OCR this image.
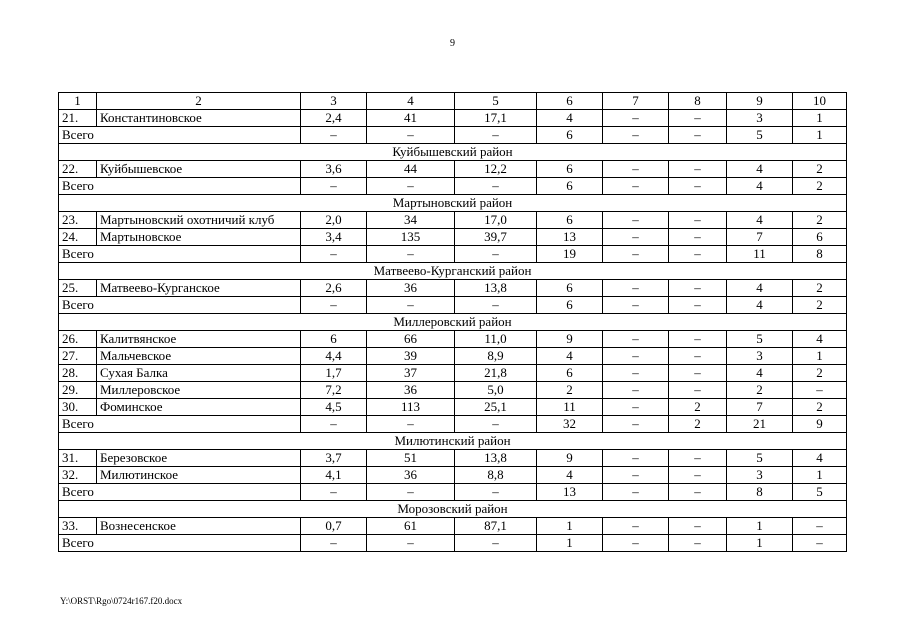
9
1	2	3	4	5	6	7	8	9	10
21.	Константиновское	2,4	41	17,1	4	–	–	3	1
Всего		–	–	–	6	–	–	5	1
Куйбышевский район									
22.	Куйбышевское	3,6	44	12,2	6	–	–	4	2
Всего		–	–	–	6	–	–	4	2
Мартыновский район									
23.	Мартыновский охотничий клуб	2,0	34	17,0	6	–	–	4	2
24.	Мартыновское	3,4	135	39,7	13	–	–	7	6
Всего		–	–	–	19	–	–	11	8
Матвеево-Курганский район									
25.	Матвеево-Курганское	2,6	36	13,8	6	–	–	4	2
Всего		–	–	–	6	–	–	4	2
Миллеровский район									
26.	Калитвянское	6	66	11,0	9	–	–	5	4
27.	Мальчевское	4,4	39	8,9	4	–	–	3	1
28.	Сухая Балка	1,7	37	21,8	6	–	–	4	2
29.	Миллеровское	7,2	36	5,0	2	–	–	2	–
30.	Фоминское	4,5	113	25,1	11	–	2	7	2
Всего		–	–	–	32	–	2	21	9
Милютинский район									
31.	Березовское	3,7	51	13,8	9	–	–	5	4
32.	Милютинское	4,1	36	8,8	4	–	–	3	1
Всего		–	–	–	13	–	–	8	5
Морозовский район									
33.	Вознесенское	0,7	61	87,1	1	–	–	1	–
Всего		–	–	–	1	–	–	1	–
Y:\ORST\Rgo\0724r167.f20.docx
